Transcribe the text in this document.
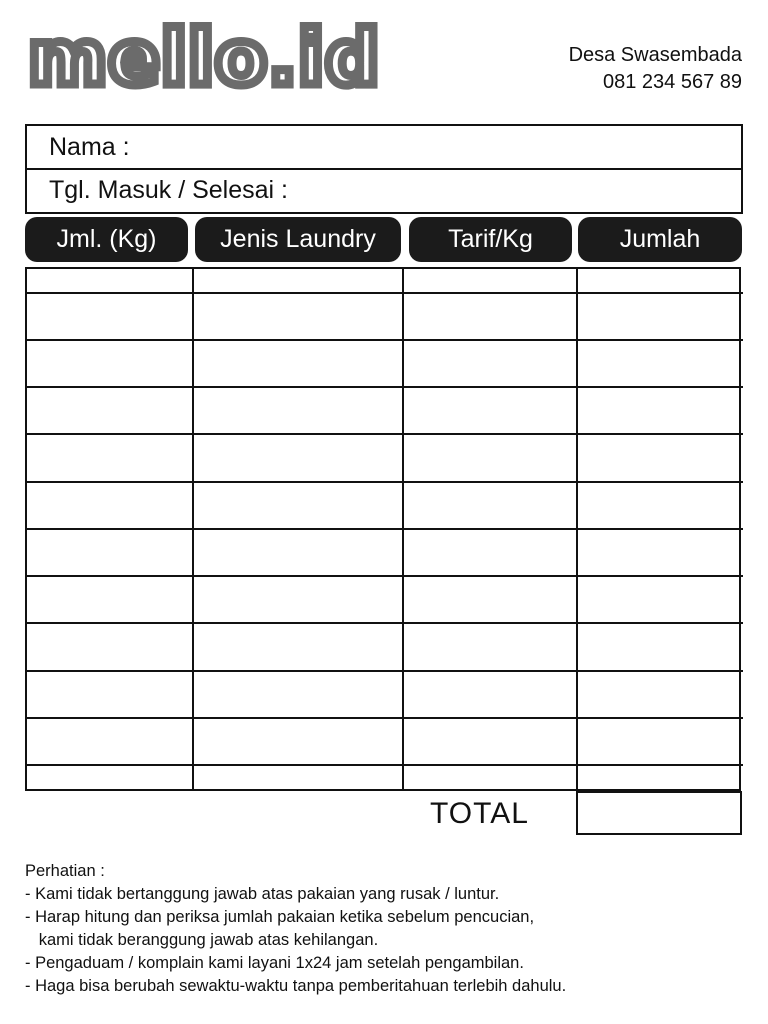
mello.id	Desa Swasembada
081 234 567 89
Nama :
Tgl. Masuk / Selesai :
Jml. (Kg)	Jenis Laundry	Tarif/Kg	Jumlah

TOTAL
Perhatian :
- Kami tidak bertanggung jawab atas pakaian yang rusak / luntur.
- Harap hitung dan periksa jumlah pakaian ketika sebelum pencucian,
kami tidak beranggung jawab atas kehilangan.
- Pengaduam / komplain kami layani 1x24 jam setelah pengambilan.
- Haga bisa berubah sewaktu-waktu tanpa pemberitahuan terlebih dahulu.
